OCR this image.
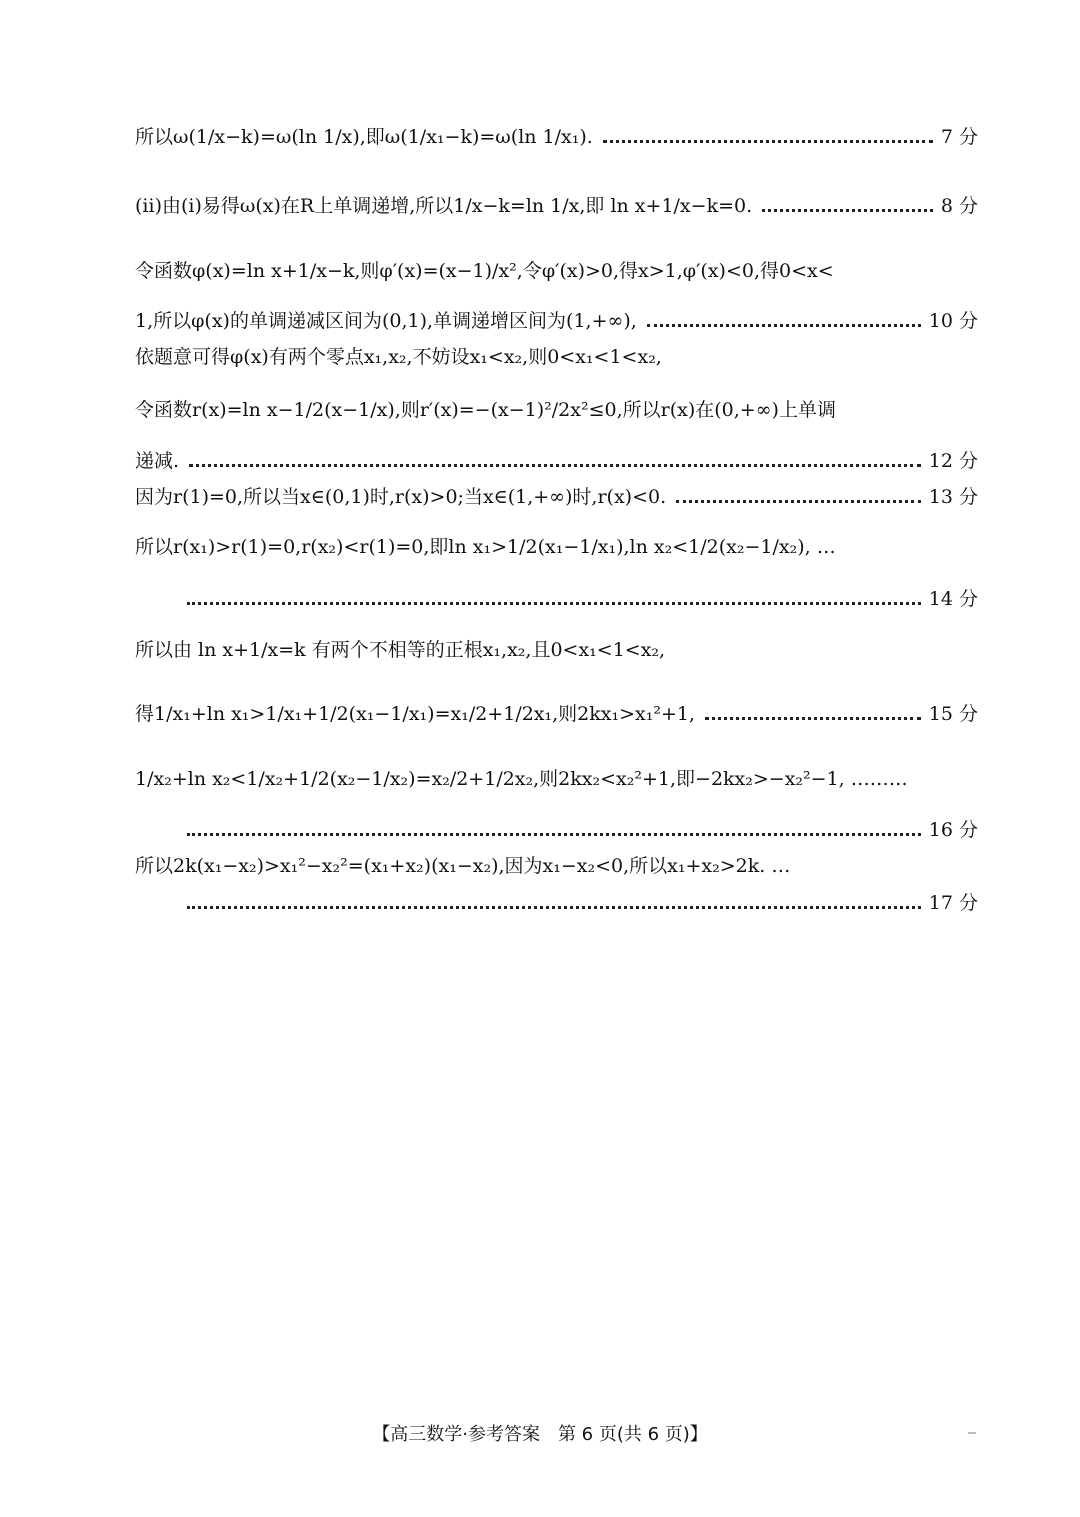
所以ω(1/x−k)=ω(ln 1/x),即ω(1/x₁−k)=ω(ln 1/x₁).	7 分
(ⅱ)由(ⅰ)易得ω(x)在R上单调递增,所以1/x−k=ln 1/x,即 ln x+1/x−k=0.	8 分
令函数φ(x)=ln x+1/x−k,则φ′(x)=(x−1)/x²,令φ′(x)>0,得x>1,φ′(x)<0,得0<x<
1,所以φ(x)的单调递减区间为(0,1),单调递增区间为(1,+∞),	10 分
依题意可得φ(x)有两个零点x₁,x₂,不妨设x₁<x₂,则0<x₁<1<x₂,
令函数r(x)=ln x−1/2(x−1/x),则r′(x)=−(x−1)²/2x²≤0,所以r(x)在(0,+∞)上单调
递减.	12 分
因为r(1)=0,所以当x∈(0,1)时,r(x)>0;当x∈(1,+∞)时,r(x)<0.	13 分
所以r(x₁)>r(1)=0,r(x₂)<r(1)=0,即ln x₁>1/2(x₁−1/x₁),ln x₂<1/2(x₂−1/x₂), …
14 分
所以由 ln x+1/x=k 有两个不相等的正根x₁,x₂,且0<x₁<1<x₂,
得1/x₁+ln x₁>1/x₁+1/2(x₁−1/x₁)=x₁/2+1/2x₁,则2kx₁>x₁²+1,	15 分
1/x₂+ln x₂<1/x₂+1/2(x₂−1/x₂)=x₂/2+1/2x₂,则2kx₂<x₂²+1,即−2kx₂>−x₂²−1, ………
16 分
所以2k(x₁−x₂)>x₁²−x₂²=(x₁+x₂)(x₁−x₂),因为x₁−x₂<0,所以x₁+x₂>2k. …
17 分
【高三数学·参考答案　第 6 页(共 6 页)】
